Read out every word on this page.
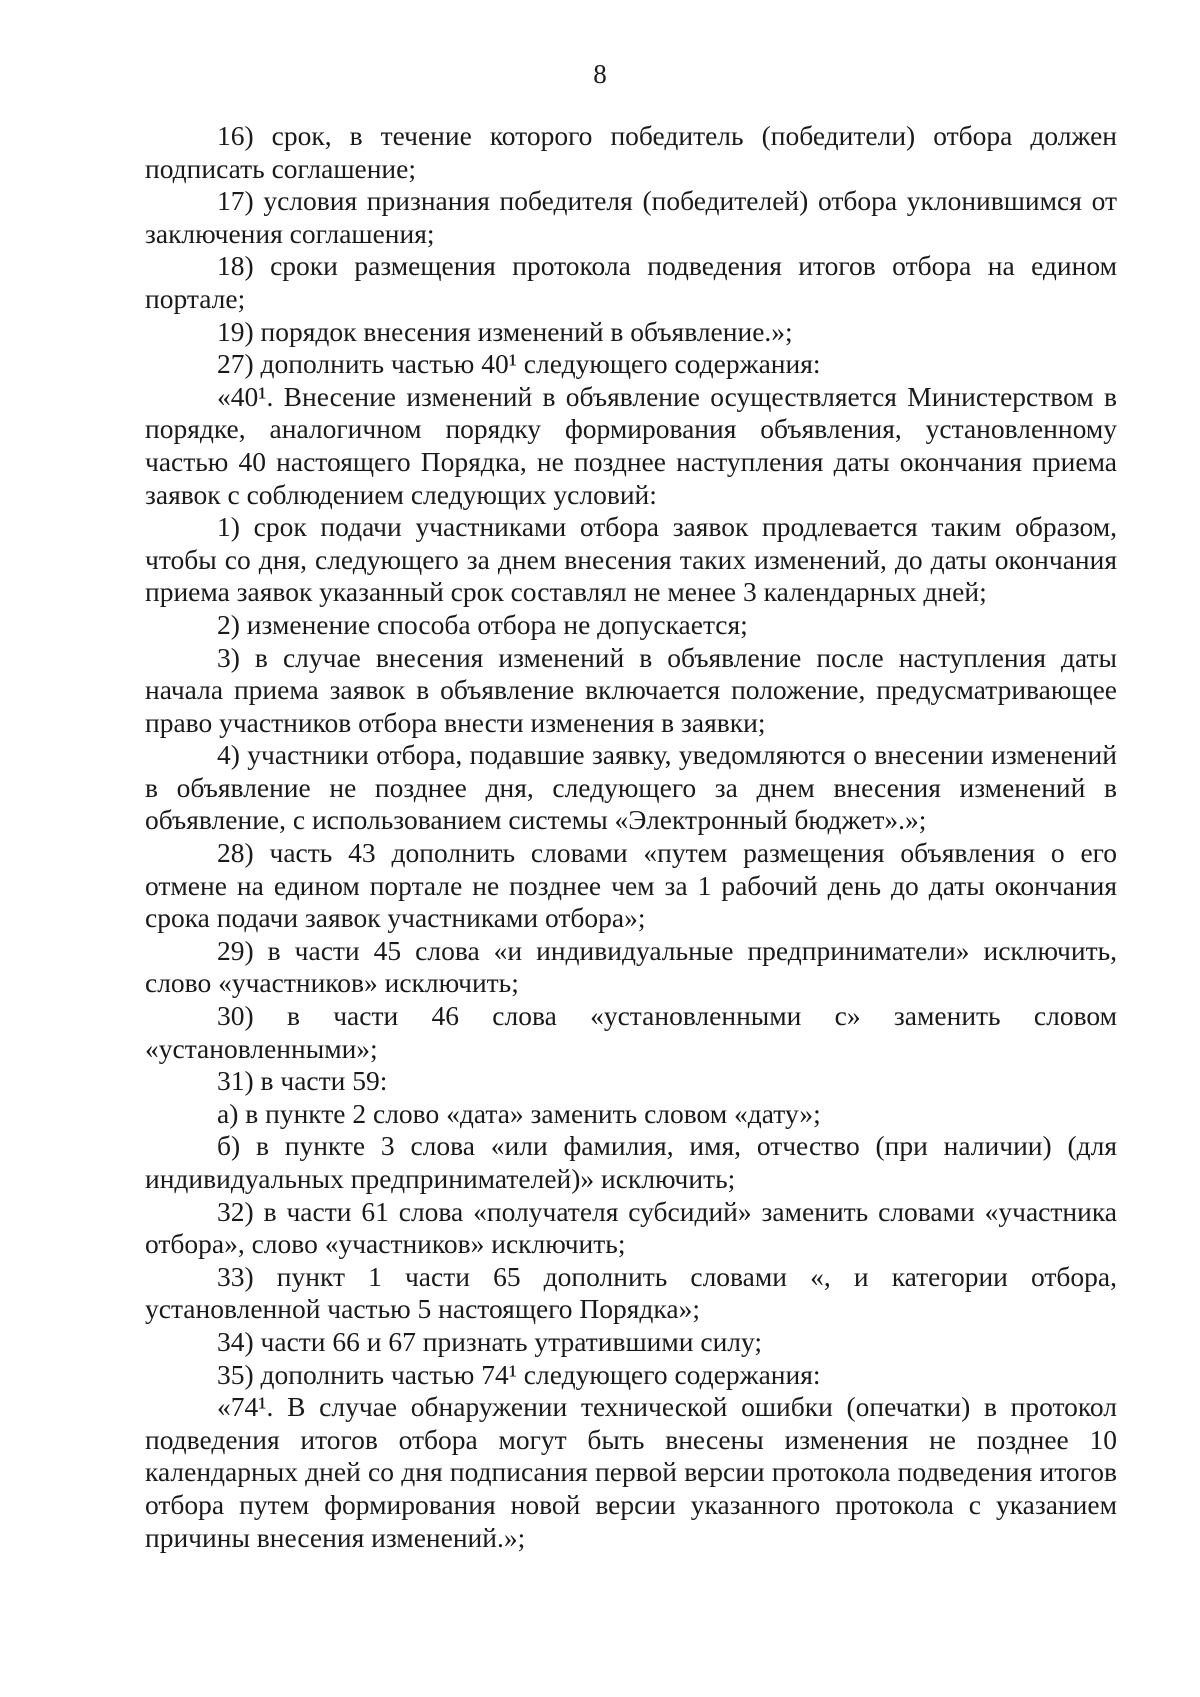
8

16) срок, в течение которого победитель (победители) отбора должен подписать соглашение;

17) условия признания победителя (победителей) отбора уклонившимся от заключения соглашения;

18) сроки размещения протокола подведения итогов отбора на едином портале;

19) порядок внесения изменений в объявление.»;

27) дополнить частью 40¹ следующего содержания:

«40¹. Внесение изменений в объявление осуществляется Министерством в порядке, аналогичном порядку формирования объявления, установленному частью 40 настоящего Порядка, не позднее наступления даты окончания приема заявок с соблюдением следующих условий:

1) срок подачи участниками отбора заявок продлевается таким образом, чтобы со дня, следующего за днем внесения таких изменений, до даты окончания приема заявок указанный срок составлял не менее 3 календарных дней;

2) изменение способа отбора не допускается;

3) в случае внесения изменений в объявление после наступления даты начала приема заявок в объявление включается положение, предусматривающее право участников отбора внести изменения в заявки;

4) участники отбора, подавшие заявку, уведомляются о внесении изменений в объявление не позднее дня, следующего за днем внесения изменений в объявление, с использованием системы «Электронный бюджет».»;

28) часть 43 дополнить словами «путем размещения объявления о его отмене на едином портале не позднее чем за 1 рабочий день до даты окончания срока подачи заявок участниками отбора»;

29) в части 45 слова «и индивидуальные предприниматели» исключить, слово «участников» исключить;

30) в части 46 слова «установленными с» заменить словом «установленными»;

31) в части 59:

а) в пункте 2 слово «дата» заменить словом «дату»;

б) в пункте 3 слова «или фамилия, имя, отчество (при наличии) (для индивидуальных предпринимателей)» исключить;

32) в части 61 слова «получателя субсидий» заменить словами «участника отбора», слово «участников» исключить;

33) пункт 1 части 65 дополнить словами «, и категории отбора, установленной частью 5 настоящего Порядка»;

34) части 66 и 67 признать утратившими силу;

35) дополнить частью 74¹ следующего содержания:

«74¹. В случае обнаружении технической ошибки (опечатки) в протокол подведения итогов отбора могут быть внесены изменения не позднее 10 календарных дней со дня подписания первой версии протокола подведения итогов отбора путем формирования новой версии указанного протокола с указанием причины внесения изменений.»;
